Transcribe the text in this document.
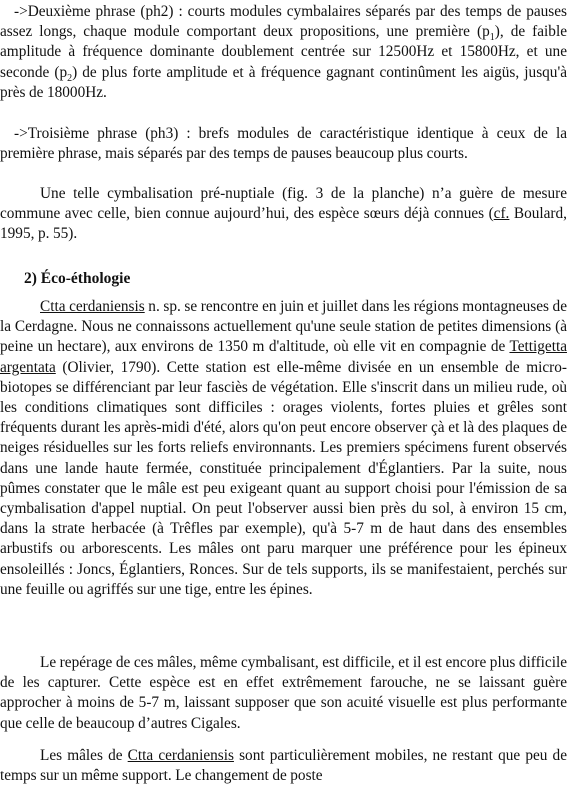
->Deuxième phrase (ph2) : courts modules cymbalaires séparés par des temps de pauses assez longs, chaque module comportant deux propositions, une première $(p_1)$, de faible amplitude à fréquence dominante doublement centrée sur 12500Hz et 15800Hz, et une seconde $(p_2)$ de plus forte amplitude et à fréquence gagnant continûment les aigüs, jusqu'à près de 18000Hz.

->Troisième phrase (ph3) : brefs modules de caractéristique identique à ceux de la première phrase, mais séparés par des temps de pauses beaucoup plus courts.

Une telle cymbalisation pré-nuptiale (fig. 3 de la planche) n’a guère de mesure commune avec celle, bien connue aujourd’hui, des espèce sœurs déjà connues (cf. Boulard, 1995, p. 55).

2) Éco-éthologie

Ctta cerdaniensis n. sp. se rencontre en juin et juillet dans les régions montagneuses de la Cerdagne. Nous ne connaissons actuellement qu'une seule station de petites dimensions (à peine un hectare), aux environs de 1350 m d'altitude, où elle vit en compagnie de Tettigetta argentata (Olivier, 1790). Cette station est elle-même divisée en un ensemble de micro-biotopes se différenciant par leur fasciès de végétation. Elle s'inscrit dans un milieu rude, où les conditions climatiques sont difficiles : orages violents, fortes pluies et grêles sont fréquents durant les après-midi d'été, alors qu'on peut encore observer çà et là des plaques de neiges résiduelles sur les forts reliefs environnants. Les premiers spécimens furent observés dans une lande haute fermée, constituée principalement d'Églantiers. Par la suite, nous pûmes constater que le mâle est peu exigeant quant au support choisi pour l'émission de sa cymbalisation d'appel nuptial. On peut l'observer aussi bien près du sol, à environ 15 cm, dans la strate herbacée (à Trêfles par exemple), qu'à 5-7 m de haut dans des ensembles arbustifs ou arborescents. Les mâles ont paru marquer une préférence pour les épineux ensoleillés : Joncs, Églantiers, Ronces. Sur de tels supports, ils se manifestaient, perchés sur une feuille ou agriffés sur une tige, entre les épines.

Le repérage de ces mâles, même cymbalisant, est difficile, et il est encore plus difficile de les capturer. Cette espèce est en effet extrêmement farouche, ne se laissant guère approcher à moins de 5-7 m, laissant supposer que son acuité visuelle est plus performante que celle de beaucoup d’autres Cigales.

Les mâles de Ctta cerdaniensis sont particulièrement mobiles, ne restant que peu de temps sur un même support. Le changement de poste
